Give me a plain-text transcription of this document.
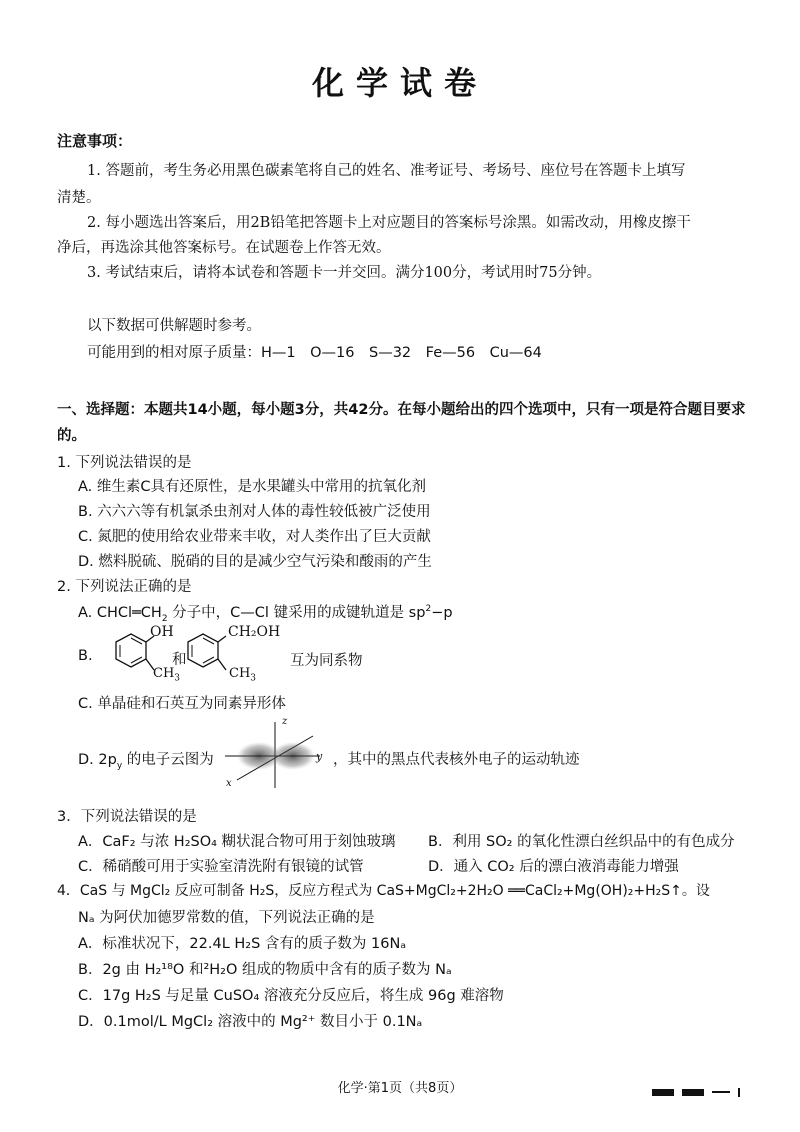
化学试卷
注意事项：
1. 答题前，考生务必用黑色碳素笔将自己的姓名、准考证号、考场号、座位号在答题卡上填写
清楚。
2. 每小题选出答案后，用2B铅笔把答题卡上对应题目的答案标号涂黑。如需改动，用橡皮擦干
净后，再选涂其他答案标号。在试题卷上作答无效。
3. 考试结束后，请将本试卷和答题卡一并交回。满分100分，考试用时75分钟。
以下数据可供解题时参考。
可能用到的相对原子质量：H—1　O—16　S—32　Fe—56　Cu—64
一、选择题：本题共14小题，每小题3分，共42分。在每小题给出的四个选项中，只有一项是符合题目要求的。
1. 下列说法错误的是
A. 维生素C具有还原性，是水果罐头中常用的抗氧化剂
B. 六六六等有机氯杀虫剂对人体的毒性较低被广泛使用
C. 氮肥的使用给农业带来丰收，对人类作出了巨大贡献
D. 燃料脱硫、脱硝的目的是减少空气污染和酸雨的产生
2. 下列说法正确的是
A. $CHCl═CH_2$ 分子中，C—Cl 键采用的成键轨道是 $sp^2-p$
B.
OH
$CH_3$
和
CH₂OH
$CH_3$
互为同系物
C. 单晶硅和石英互为同素异形体
D. $2p_y$ 的电子云图为
z
y
x
，其中的黑点代表核外电子的运动轨迹
3．下列说法错误的是
A．CaF₂ 与浓 H₂SO₄ 糊状混合物可用于刻蚀玻璃 B．利用 SO₂ 的氧化性漂白丝织品中的有色成分
C．稀硝酸可用于实验室清洗附有银镜的试管	D．通入 CO₂ 后的漂白液消毒能力增强
4．CaS 与 MgCl₂ 反应可制备 H₂S，反应方程式为 CaS+MgCl₂+2H₂O ══CaCl₂+Mg(OH)₂+H₂S↑。设
Nₐ 为阿伏加德罗常数的值，下列说法正确的是
A．标准状况下，22.4L H₂S 含有的质子数为 16Nₐ
B．2g 由 H₂¹⁸O 和²H₂O 组成的物质中含有的质子数为 Nₐ
C．17g H₂S 与足量 CuSO₄ 溶液充分反应后，将生成 96g 难溶物
D．0.1mol/L MgCl₂ 溶液中的 Mg²⁺ 数目小于 0.1Nₐ
化学·第1页（共8页）
